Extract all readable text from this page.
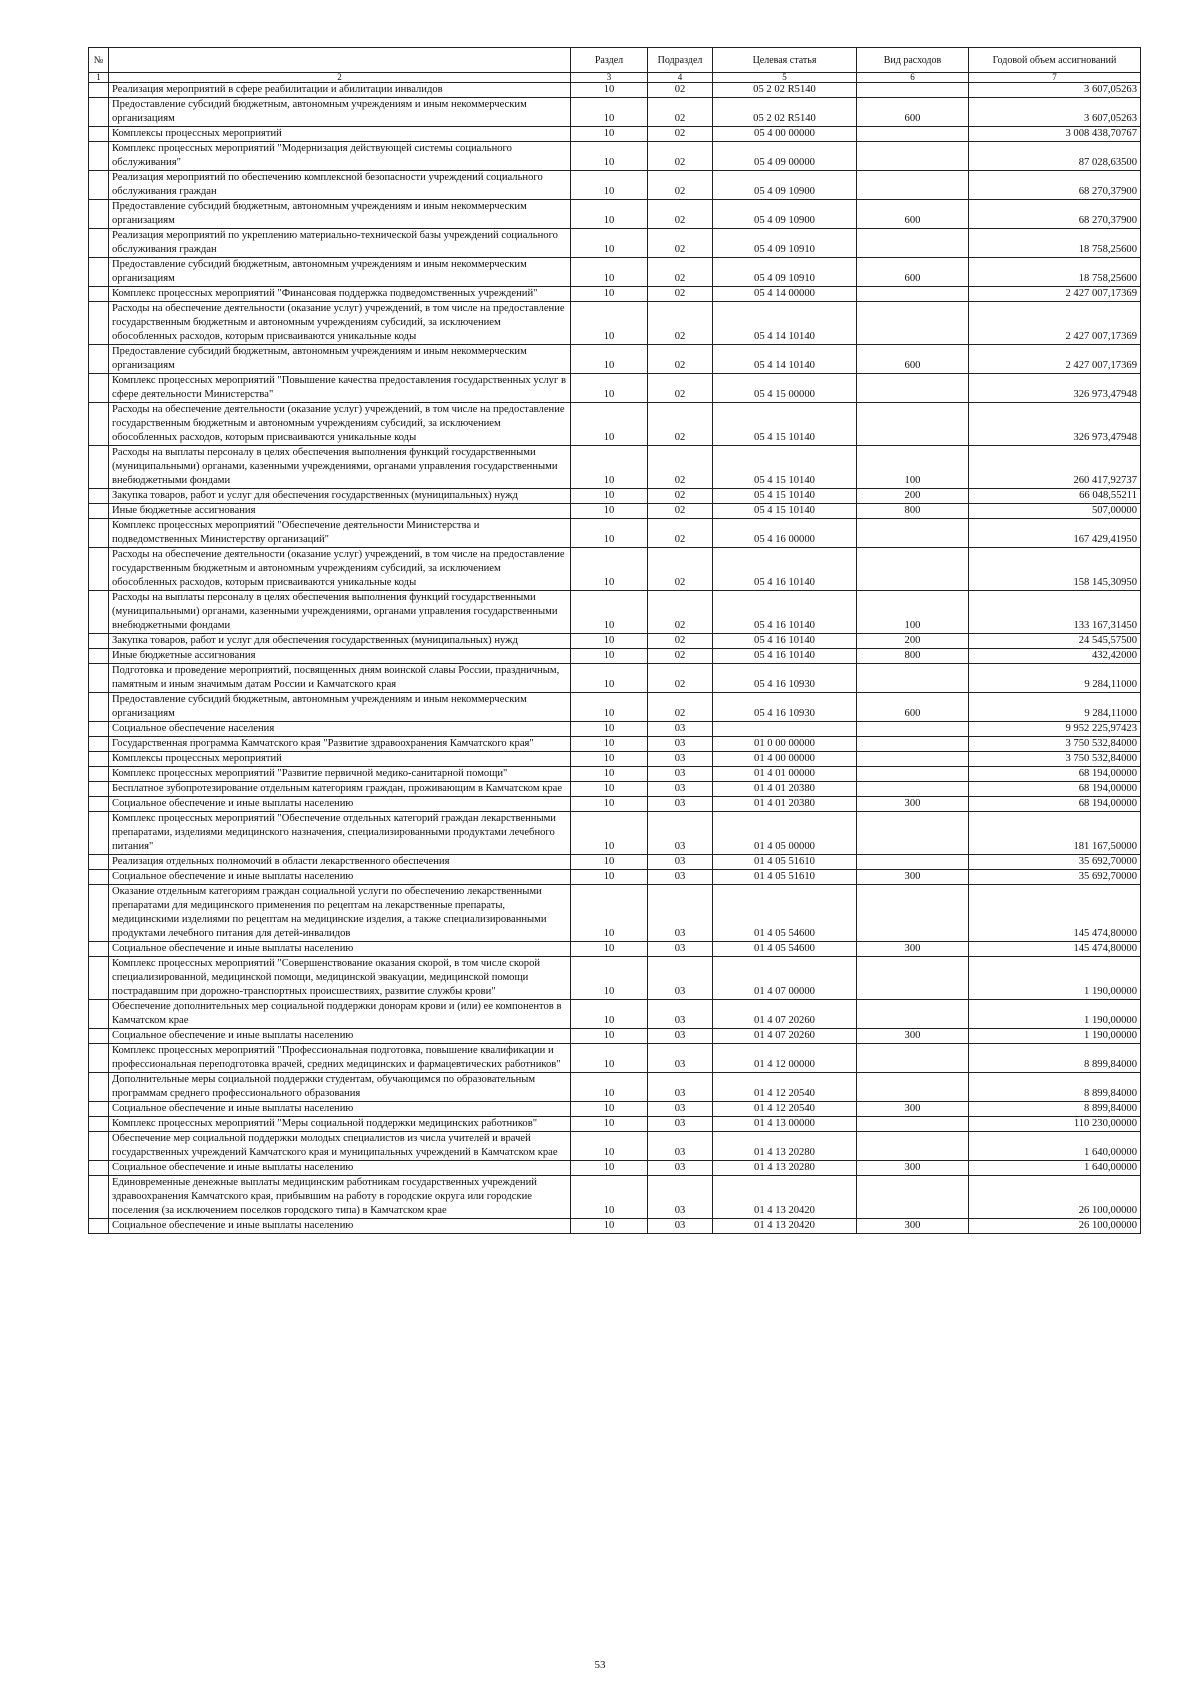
№		Раздел	Подраздел	Целевая статья	Вид расходов	Годовой объем ассигнований
1	2	3	4	5	6	7
	Реализация мероприятий в сфере реабилитации и абилитации инвалидов	10	02	05 2 02 R5140		3 607,05263
	Предоставление субсидий бюджетным, автономным учреждениям и иным некоммерческим организациям	10	02	05 2 02 R5140	600	3 607,05263
	Комплексы процессных мероприятий	10	02	05 4 00 00000		3 008 438,70767
	Комплекс процессных мероприятий "Модернизация действующей системы социального обслуживания"	10	02	05 4 09 00000		87 028,63500
	Реализация мероприятий по обеспечению комплексной безопасности учреждений социального обслуживания граждан	10	02	05 4 09 10900		68 270,37900
	Предоставление субсидий бюджетным, автономным учреждениям и иным некоммерческим организациям	10	02	05 4 09 10900	600	68 270,37900
	Реализация мероприятий по укреплению материально-технической базы учреждений социального обслуживания граждан	10	02	05 4 09 10910		18 758,25600
	Предоставление субсидий бюджетным, автономным учреждениям и иным некоммерческим организациям	10	02	05 4 09 10910	600	18 758,25600
	Комплекс процессных мероприятий "Финансовая поддержка подведомственных учреждений"	10	02	05 4 14 00000		2 427 007,17369
	Расходы на обеспечение деятельности (оказание услуг) учреждений, в том числе на предоставление государственным бюджетным и автономным учреждениям субсидий, за исключением обособленных расходов, которым присваиваются уникальные коды	10	02	05 4 14 10140		2 427 007,17369
	Предоставление субсидий бюджетным, автономным учреждениям и иным некоммерческим организациям	10	02	05 4 14 10140	600	2 427 007,17369
	Комплекс процессных мероприятий "Повышение качества предоставления государственных услуг в сфере деятельности Министерства"	10	02	05 4 15 00000		326 973,47948
	Расходы на обеспечение деятельности (оказание услуг) учреждений, в том числе на предоставление государственным бюджетным и автономным учреждениям субсидий, за исключением обособленных расходов, которым присваиваются уникальные коды	10	02	05 4 15 10140		326 973,47948
	Расходы на выплаты персоналу в целях обеспечения выполнения функций государственными (муниципальными) органами, казенными учреждениями, органами управления государственными внебюджетными фондами	10	02	05 4 15 10140	100	260 417,92737
	Закупка товаров, работ и услуг для обеспечения государственных (муниципальных) нужд	10	02	05 4 15 10140	200	66 048,55211
	Иные бюджетные ассигнования	10	02	05 4 15 10140	800	507,00000
	Комплекс процессных мероприятий "Обеспечение деятельности Министерства и подведомственных Министерству организаций"	10	02	05 4 16 00000		167 429,41950
	Расходы на обеспечение деятельности (оказание услуг) учреждений, в том числе на предоставление государственным бюджетным и автономным учреждениям субсидий, за исключением обособленных расходов, которым присваиваются уникальные коды	10	02	05 4 16 10140		158 145,30950
	Расходы на выплаты персоналу в целях обеспечения выполнения функций государственными (муниципальными) органами, казенными учреждениями, органами управления государственными внебюджетными фондами	10	02	05 4 16 10140	100	133 167,31450
	Закупка товаров, работ и услуг для обеспечения государственных (муниципальных) нужд	10	02	05 4 16 10140	200	24 545,57500
	Иные бюджетные ассигнования	10	02	05 4 16 10140	800	432,42000
	Подготовка и проведение мероприятий, посвященных дням воинской славы России, праздничным, памятным и иным значимым датам России и Камчатского края	10	02	05 4 16 10930		9 284,11000
	Предоставление субсидий бюджетным, автономным учреждениям и иным некоммерческим организациям	10	02	05 4 16 10930	600	9 284,11000
	Социальное обеспечение населения	10	03			9 952 225,97423
	Государственная программа Камчатского края "Развитие здравоохранения Камчатского края"	10	03	01 0 00 00000		3 750 532,84000
	Комплексы процессных мероприятий	10	03	01 4 00 00000		3 750 532,84000
	Комплекс процессных мероприятий "Развитие первичной медико-санитарной помощи"	10	03	01 4 01 00000		68 194,00000
	Бесплатное зубопротезирование отдельным категориям граждан, проживающим в Камчатском крае	10	03	01 4 01 20380		68 194,00000
	Социальное обеспечение и иные выплаты населению	10	03	01 4 01 20380	300	68 194,00000
	Комплекс процессных мероприятий "Обеспечение отдельных категорий граждан лекарственными препаратами, изделиями медицинского назначения, специализированными продуктами лечебного питания"	10	03	01 4 05 00000		181 167,50000
	Реализация отдельных полномочий в области лекарственного обеспечения	10	03	01 4 05 51610		35 692,70000
	Социальное обеспечение и иные выплаты населению	10	03	01 4 05 51610	300	35 692,70000
	Оказание отдельным категориям граждан социальной услуги по обеспечению лекарственными препаратами для медицинского применения по рецептам на лекарственные препараты, медицинскими изделиями по рецептам на медицинские изделия, а также специализированными продуктами лечебного питания для детей-инвалидов	10	03	01 4 05 54600		145 474,80000
	Социальное обеспечение и иные выплаты населению	10	03	01 4 05 54600	300	145 474,80000
	Комплекс процессных мероприятий "Совершенствование оказания скорой, в том числе скорой специализированной, медицинской помощи, медицинской эвакуации, медицинской помощи пострадавшим при дорожно-транспортных происшествиях, развитие службы крови"	10	03	01 4 07 00000		1 190,00000
	Обеспечение дополнительных мер социальной поддержки донорам крови и (или) ее компонентов в Камчатском крае	10	03	01 4 07 20260		1 190,00000
	Социальное обеспечение и иные выплаты населению	10	03	01 4 07 20260	300	1 190,00000
	Комплекс процессных мероприятий "Профессиональная подготовка, повышение квалификации и профессиональная переподготовка врачей, средних медицинских и фармацевтических работников"	10	03	01 4 12 00000		8 899,84000
	Дополнительные меры социальной поддержки студентам, обучающимся по образовательным программам среднего профессионального образования	10	03	01 4 12 20540		8 899,84000
	Социальное обеспечение и иные выплаты населению	10	03	01 4 12 20540	300	8 899,84000
	Комплекс процессных мероприятий "Меры социальной поддержки медицинских работников"	10	03	01 4 13 00000		110 230,00000
	Обеспечение мер социальной поддержки молодых специалистов из числа учителей и врачей государственных учреждений Камчатского края и муниципальных учреждений в Камчатском крае	10	03	01 4 13 20280		1 640,00000
	Социальное обеспечение и иные выплаты населению	10	03	01 4 13 20280	300	1 640,00000
	Единовременные денежные выплаты медицинским работникам государственных учреждений здравоохранения Камчатского края, прибывшим на работу в городские округа или городские поселения (за исключением поселков городского типа) в Камчатском крае	10	03	01 4 13 20420		26 100,00000
	Социальное обеспечение и иные выплаты населению	10	03	01 4 13 20420	300	26 100,00000
53
